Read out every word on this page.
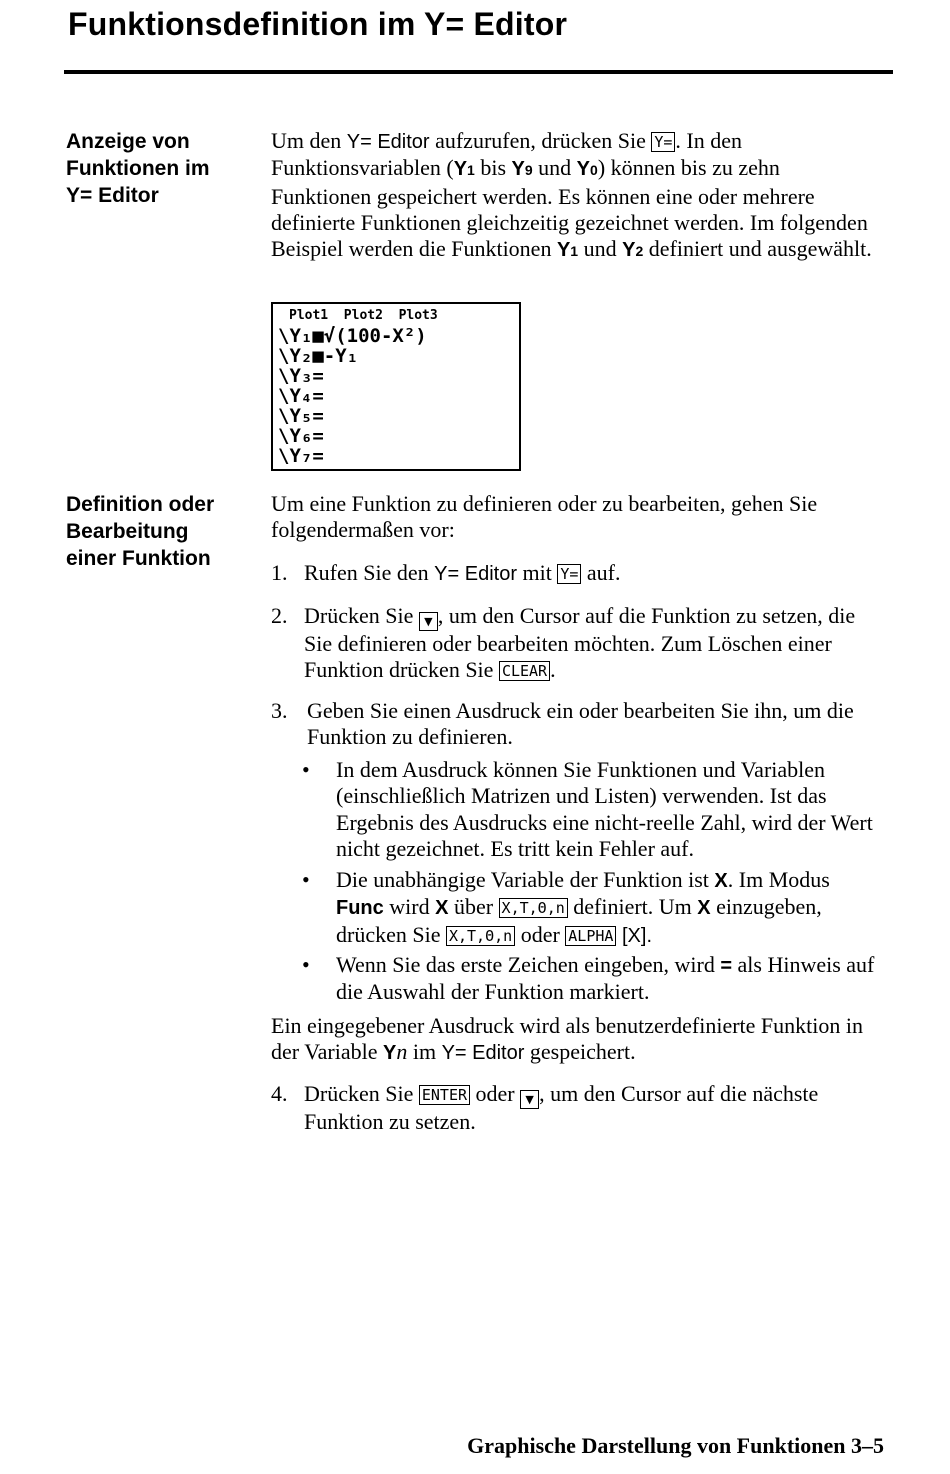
Funktionsdefinition im Y= Editor
Anzeige von
Funktionen im
Y= Editor
Um den Y= Editor aufzurufen, drücken Sie Y= . In den Funktionsvariablen (Y1 bis Y9 und Y0) können bis zu zehn Funktionen gespeichert werden. Es können eine oder mehrere definierte Funktionen gleichzeitig gezeichnet werden. Im folgenden Beispiel werden die Funktionen Y1 und Y2 definiert und ausgewählt.
Plot1  Plot2  Plot3
\Y₁■√(100-X²)
\Y₂■-Y₁
\Y₃=
\Y₄=
\Y₅=
\Y₆=
\Y₇=
Definition oder
Bearbeitung
einer Funktion
Um eine Funktion zu definieren oder zu bearbeiten, gehen Sie folgendermaßen vor:
1. Rufen Sie den Y= Editor mit Y= auf.
2. Drücken Sie ▼ , um den Cursor auf die Funktion zu setzen, die Sie definieren oder bearbeiten möchten. Zum Löschen einer Funktion drücken Sie CLEAR .
3. Geben Sie einen Ausdruck ein oder bearbeiten Sie ihn, um die Funktion zu definieren.
• In dem Ausdruck können Sie Funktionen und Variablen (einschließlich Matrizen und Listen) verwenden. Ist das Ergebnis des Ausdrucks eine nicht-reelle Zahl, wird der Wert nicht gezeichnet. Es tritt kein Fehler auf.
• Die unabhängige Variable der Funktion ist X. Im Modus Func wird X über X,T,Θ,n definiert. Um X einzugeben, drücken Sie X,T,Θ,n oder ALPHA [X].
• Wenn Sie das erste Zeichen eingeben, wird = als Hinweis auf die Auswahl der Funktion markiert.
Ein eingegebener Ausdruck wird als benutzerdefinierte Funktion in der Variable Yn im Y= Editor gespeichert.
4. Drücken Sie ENTER oder ▼ , um den Cursor auf die nächste Funktion zu setzen.
Graphische Darstellung von Funktionen 3–5
